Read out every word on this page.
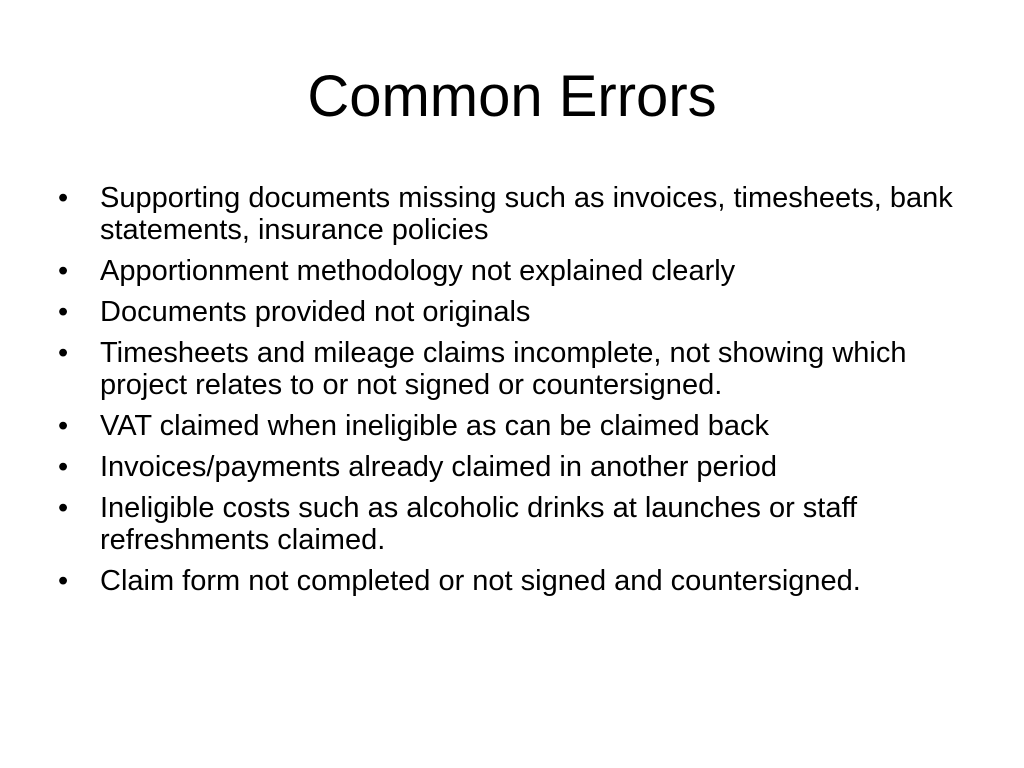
Common Errors
•	Supporting documents missing such as invoices, timesheets, bank statements, insurance policies
•	Apportionment methodology not explained clearly
•	Documents provided not originals
•	Timesheets and mileage claims incomplete, not showing which project relates to or not signed or countersigned.
•	VAT claimed when ineligible as can be claimed back
•	Invoices/payments already claimed in another period
•	Ineligible costs such as alcoholic drinks at launches or staff refreshments claimed.
•	Claim form not completed or not signed and countersigned.
